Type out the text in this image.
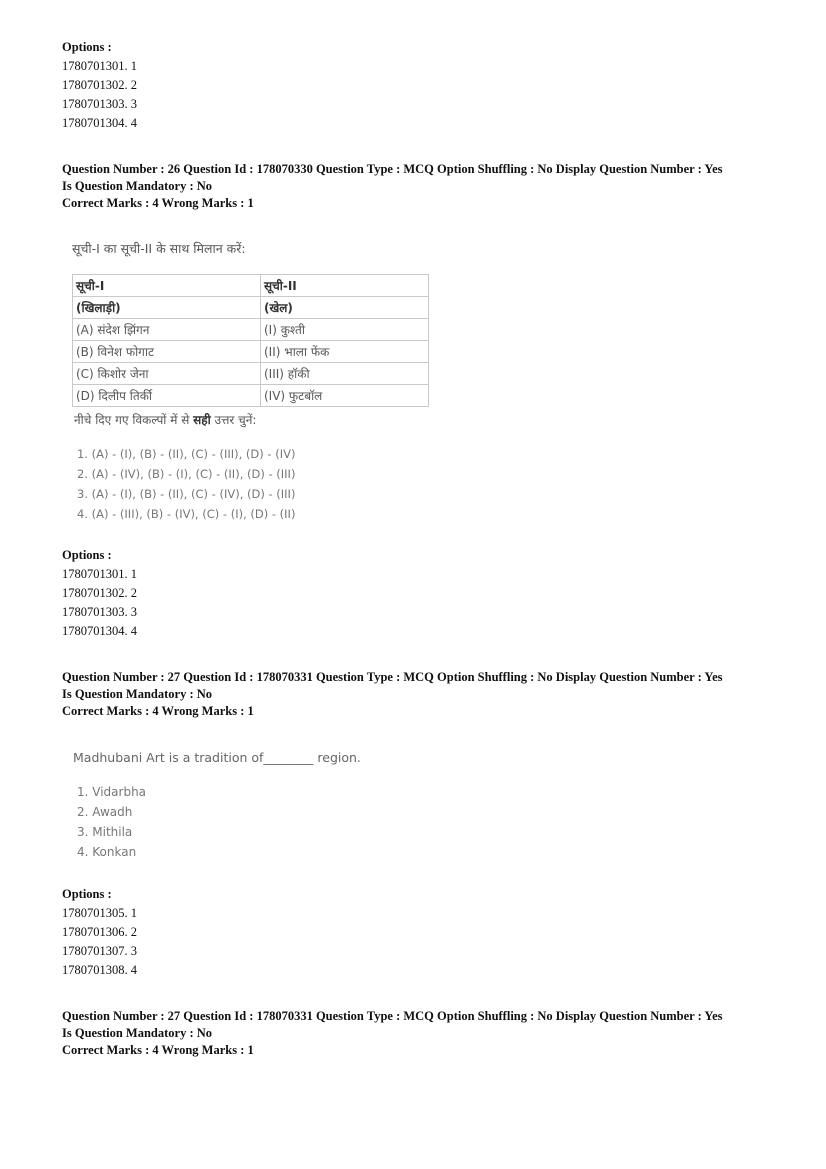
Options :
1780701301. 1
1780701302. 2
1780701303. 3
1780701304. 4
Question Number : 26 Question Id : 178070330 Question Type : MCQ Option Shuffling : No Display Question Number : Yes
Is Question Mandatory : No
Correct Marks : 4 Wrong Marks : 1
सूची-I का सूची-II के साथ मिलान करें:
सूची-I	सूची-II
(खिलाड़ी)	(खेल)
(A) संदेश झिंगन	(I) कुश्ती
(B) विनेश फोगाट	(II) भाला फेंक
(C) किशोर जेना	(III) हॉकी
(D) दिलीप तिर्की	(IV) फुटबॉल
नीचे दिए गए विकल्पों में से सही उत्तर चुनें:
1. (A) - (I), (B) - (II), (C) - (III), (D) - (IV)
2. (A) - (IV), (B) - (I), (C) - (II), (D) - (III)
3. (A) - (I), (B) - (II), (C) - (IV), (D) - (III)
4. (A) - (III), (B) - (IV), (C) - (I), (D) - (II)
Options :
1780701301. 1
1780701302. 2
1780701303. 3
1780701304. 4
Question Number : 27 Question Id : 178070331 Question Type : MCQ Option Shuffling : No Display Question Number : Yes
Is Question Mandatory : No
Correct Marks : 4 Wrong Marks : 1
Madhubani Art is a tradition of________ region.
1. Vidarbha
2. Awadh
3. Mithila
4. Konkan
Options :
1780701305. 1
1780701306. 2
1780701307. 3
1780701308. 4
Question Number : 27 Question Id : 178070331 Question Type : MCQ Option Shuffling : No Display Question Number : Yes
Is Question Mandatory : No
Correct Marks : 4 Wrong Marks : 1
